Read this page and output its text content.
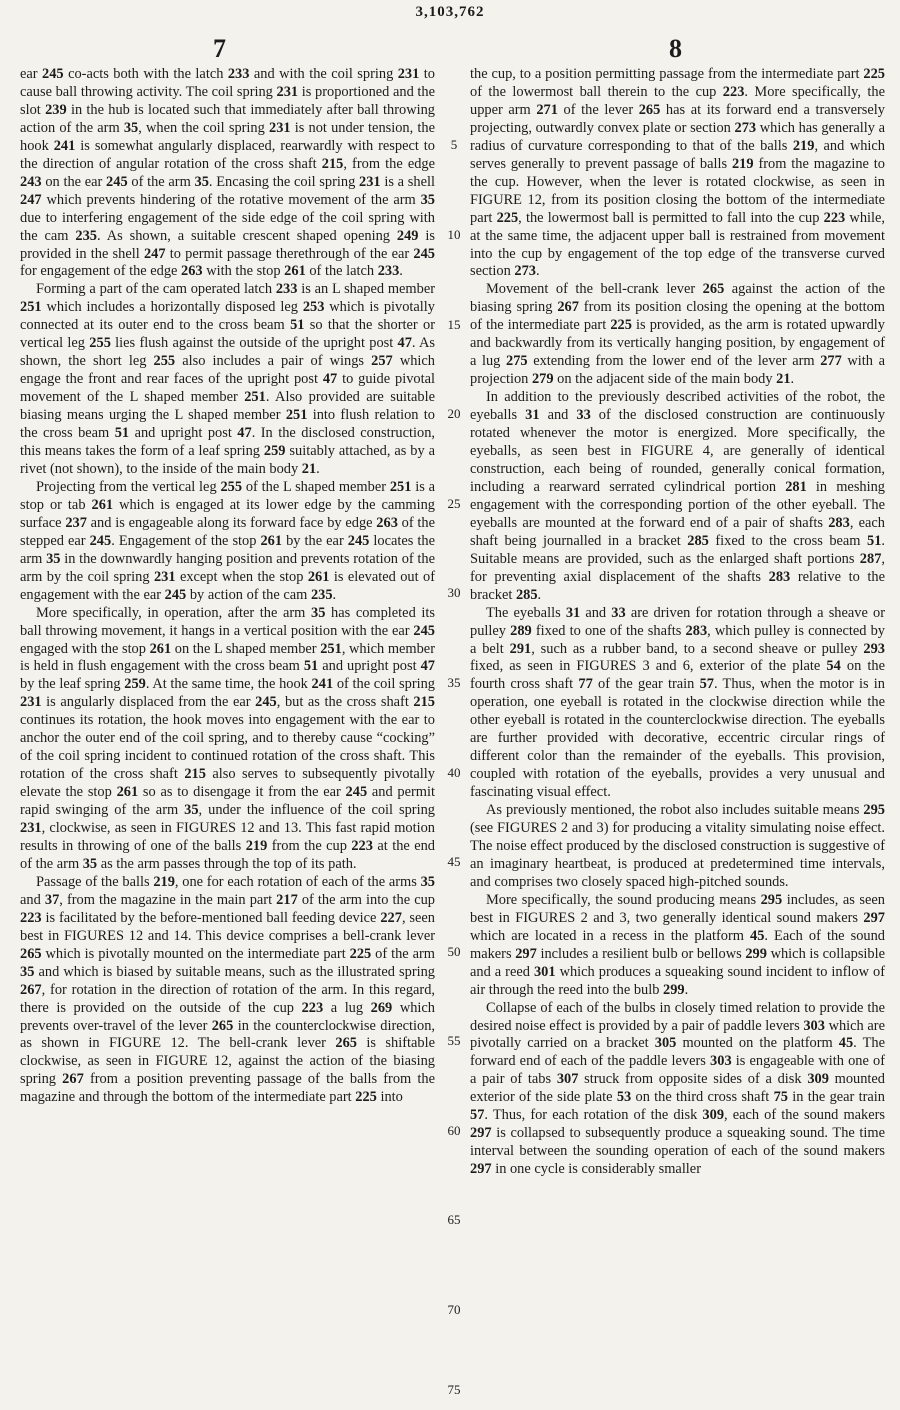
3,103,762
7	8

ear 245 co-acts both with the latch 233 and with the coil spring 231 to cause ball throwing activity. The coil spring 231 is proportioned and the slot 239 in the hub is located such that immediately after ball throwing action of the arm 35, when the coil spring 231 is not under tension, the hook 241 is somewhat angularly displaced, rearwardly with respect to the direction of angular rotation of the cross shaft 215, from the edge 243 on the ear 245 of the arm 35. Encasing the coil spring 231 is a shell 247 which prevents hindering of the rotative movement of the arm 35 due to interfering engagement of the side edge of the coil spring with the cam 235. As shown, a suitable crescent shaped opening 249 is provided in the shell 247 to permit passage therethrough of the ear 245 for engagement of the edge 263 with the stop 261 of the latch 233.

Forming a part of the cam operated latch 233 is an L shaped member 251 which includes a horizontally disposed leg 253 which is pivotally connected at its outer end to the cross beam 51 so that the shorter or vertical leg 255 lies flush against the outside of the upright post 47. As shown, the short leg 255 also includes a pair of wings 257 which engage the front and rear faces of the upright post 47 to guide pivotal movement of the L shaped member 251. Also provided are suitable biasing means urging the L shaped member 251 into flush relation to the cross beam 51 and upright post 47. In the disclosed construction, this means takes the form of a leaf spring 259 suitably attached, as by a rivet (not shown), to the inside of the main body 21.

Projecting from the vertical leg 255 of the L shaped member 251 is a stop or tab 261 which is engaged at its lower edge by the camming surface 237 and is engageable along its forward face by edge 263 of the stepped ear 245. Engagement of the stop 261 by the ear 245 locates the arm 35 in the downwardly hanging position and prevents rotation of the arm by the coil spring 231 except when the stop 261 is elevated out of engagement with the ear 245 by action of the cam 235.

More specifically, in operation, after the arm 35 has completed its ball throwing movement, it hangs in a vertical position with the ear 245 engaged with the stop 261 on the L shaped member 251, which member is held in flush engagement with the cross beam 51 and upright post 47 by the leaf spring 259. At the same time, the hook 241 of the coil spring 231 is angularly displaced from the ear 245, but as the cross shaft 215 continues its rotation, the hook moves into engagement with the ear to anchor the outer end of the coil spring, and to thereby cause “cocking” of the coil spring incident to continued rotation of the cross shaft. This rotation of the cross shaft 215 also serves to subsequently pivotally elevate the stop 261 so as to disengage it from the ear 245 and permit rapid swinging of the arm 35, under the influence of the coil spring 231, clockwise, as seen in FIGURES 12 and 13. This fast rapid motion results in throwing of one of the balls 219 from the cup 223 at the end of the arm 35 as the arm passes through the top of its path.

Passage of the balls 219, one for each rotation of each of the arms 35 and 37, from the magazine in the main part 217 of the arm into the cup 223 is facilitated by the before-mentioned ball feeding device 227, seen best in FIGURES 12 and 14. This device comprises a bell-crank lever 265 which is pivotally mounted on the intermediate part 225 of the arm 35 and which is biased by suitable means, such as the illustrated spring 267, for rotation in the direction of rotation of the arm. In this regard, there is provided on the outside of the cup 223 a lug 269 which prevents over-travel of the lever 265 in the counterclockwise direction, as shown in FIGURE 12. The bell-crank lever 265 is shiftable clockwise, as seen in FIGURE 12, against the action of the biasing spring 267 from a position preventing passage of the balls from the magazine and through the bottom of the intermediate part 225 into

the cup, to a position permitting passage from the intermediate part 225 of the lowermost ball therein to the cup 223. More specifically, the upper arm 271 of the lever 265 has at its forward end a transversely projecting, outwardly convex plate or section 273 which has generally a radius of curvature corresponding to that of the balls 219, and which serves generally to prevent passage of balls 219 from the magazine to the cup. However, when the lever is rotated clockwise, as seen in FIGURE 12, from its position closing the bottom of the intermediate part 225, the lowermost ball is permitted to fall into the cup 223 while, at the same time, the adjacent upper ball is restrained from movement into the cup by engagement of the top edge of the transverse curved section 273.

Movement of the bell-crank lever 265 against the action of the biasing spring 267 from its position closing the opening at the bottom of the intermediate part 225 is provided, as the arm is rotated upwardly and backwardly from its vertically hanging position, by engagement of a lug 275 extending from the lower end of the lever arm 277 with a projection 279 on the adjacent side of the main body 21.

In addition to the previously described activities of the robot, the eyeballs 31 and 33 of the disclosed construction are continuously rotated whenever the motor is energized. More specifically, the eyeballs, as seen best in FIGURE 4, are generally of identical construction, each being of rounded, generally conical formation, including a rearward serrated cylindrical portion 281 in meshing engagement with the corresponding portion of the other eyeball. The eyeballs are mounted at the forward end of a pair of shafts 283, each shaft being journalled in a bracket 285 fixed to the cross beam 51. Suitable means are provided, such as the enlarged shaft portions 287, for preventing axial displacement of the shafts 283 relative to the bracket 285.

The eyeballs 31 and 33 are driven for rotation through a sheave or pulley 289 fixed to one of the shafts 283, which pulley is connected by a belt 291, such as a rubber band, to a second sheave or pulley 293 fixed, as seen in FIGURES 3 and 6, exterior of the plate 54 on the fourth cross shaft 77 of the gear train 57. Thus, when the motor is in operation, one eyeball is rotated in the clockwise direction while the other eyeball is rotated in the counterclockwise direction. The eyeballs are further provided with decorative, eccentric circular rings of different color than the remainder of the eyeballs. This provision, coupled with rotation of the eyeballs, provides a very unusual and fascinating visual effect.

As previously mentioned, the robot also includes suitable means 295 (see FIGURES 2 and 3) for producing a vitality simulating noise effect. The noise effect produced by the disclosed construction is suggestive of an imaginary heartbeat, is produced at predetermined time intervals, and comprises two closely spaced high-pitched sounds.

More specifically, the sound producing means 295 includes, as seen best in FIGURES 2 and 3, two generally identical sound makers 297 which are located in a recess in the platform 45. Each of the sound makers 297 includes a resilient bulb or bellows 299 which is collapsible and a reed 301 which produces a squeaking sound incident to inflow of air through the reed into the bulb 299.

Collapse of each of the bulbs in closely timed relation to provide the desired noise effect is provided by a pair of paddle levers 303 which are pivotally carried on a bracket 305 mounted on the platform 45. The forward end of each of the paddle levers 303 is engageable with one of a pair of tabs 307 struck from opposite sides of a disk 309 mounted exterior of the side plate 53 on the third cross shaft 75 in the gear train 57. Thus, for each rotation of the disk 309, each of the sound makers 297 is collapsed to subsequently produce a squeaking sound. The time interval between the sounding operation of each of the sound makers 297 in one cycle is considerably smaller

5
10
15
20
25
30
35
40
45
50
55
60
65
70
75
